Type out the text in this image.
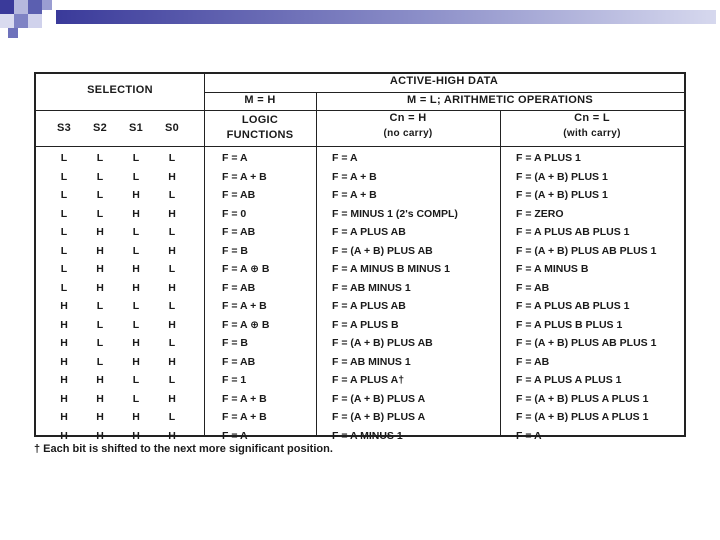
SELECTION
ACTIVE-HIGH DATA
M = H	M = L; ARITHMETIC OPERATIONS
LOGIC
FUNCTIONS
Cn = H
(no carry)
Cn = L
(with carry)
S3	S2	S1	S0
L	L	L	L	F = A	F = A	F = A PLUS 1
L	L	L	H	F = A + B	F = A + B	F = (A + B) PLUS 1
L	L	H	L	F = AB	F = A + B	F = (A + B) PLUS 1
L	L	H	H	F = 0	F = MINUS 1 (2's COMPL)	F = ZERO
L	H	L	L	F = AB	F = A PLUS AB	F = A PLUS AB PLUS 1
L	H	L	H	F = B	F = (A + B) PLUS AB	F = (A + B) PLUS AB PLUS 1
L	H	H	L	F = A ⊕ B	F = A MINUS B MINUS 1	F = A MINUS B
L	H	H	H	F = AB	F = AB MINUS 1	F = AB
H	L	L	L	F = A + B	F = A PLUS AB	F = A PLUS AB PLUS 1
H	L	L	H	F = A ⊕ B	F = A PLUS B	F = A PLUS B PLUS 1
H	L	H	L	F = B	F = (A + B) PLUS AB	F = (A + B) PLUS AB PLUS 1
H	L	H	H	F = AB	F = AB MINUS 1	F = AB
H	H	L	L	F = 1	F = A PLUS A†	F = A PLUS A PLUS 1
H	H	L	H	F = A + B	F = (A + B) PLUS A	F = (A + B) PLUS A PLUS 1
H	H	H	L	F = A + B	F = (A + B) PLUS A	F = (A + B) PLUS A PLUS 1
H	H	H	H	F = A	F = A MINUS 1	F = A
† Each bit is shifted to the next more significant position.
